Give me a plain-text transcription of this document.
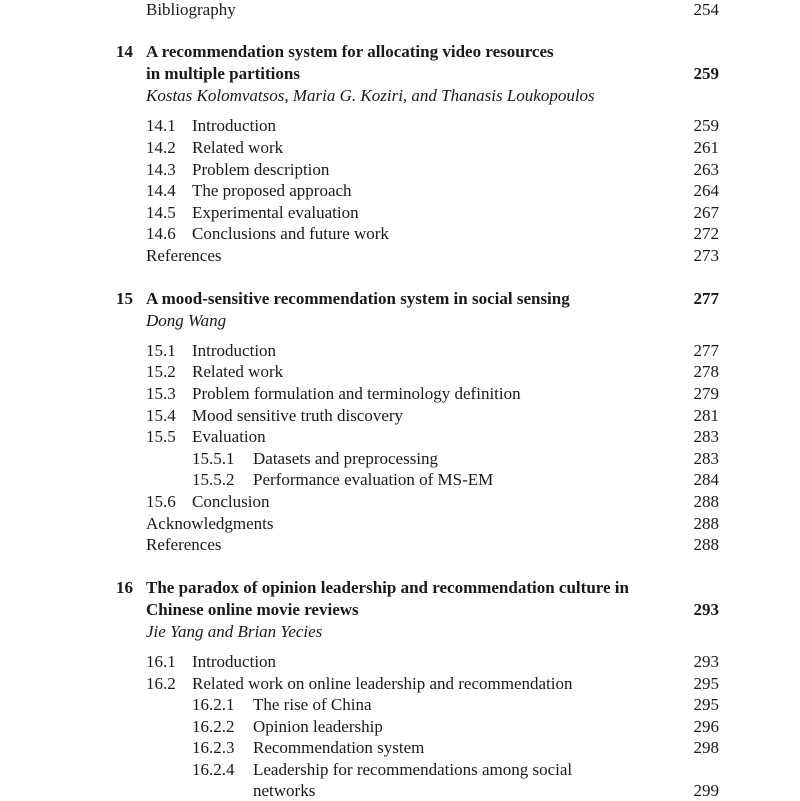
Bibliography	254
14 A recommendation system for allocating video resources
in multiple partitions	259
Kostas Kolomvatsos, Maria G. Koziri, and Thanasis Loukopoulos
14.1 Introduction	259
14.2 Related work	261
14.3 Problem description	263
14.4 The proposed approach	264
14.5 Experimental evaluation	267
14.6 Conclusions and future work	272
References	273
15 A mood-sensitive recommendation system in social sensing	277
Dong Wang
15.1 Introduction	277
15.2 Related work	278
15.3 Problem formulation and terminology definition	279
15.4 Mood sensitive truth discovery	281
15.5 Evaluation	283
15.5.1 Datasets and preprocessing	283
15.5.2 Performance evaluation of MS-EM	284
15.6 Conclusion	288
Acknowledgments	288
References	288
16 The paradox of opinion leadership and recommendation culture in
Chinese online movie reviews	293
Jie Yang and Brian Yecies
16.1 Introduction	293
16.2 Related work on online leadership and recommendation	295
16.2.1 The rise of China	295
16.2.2 Opinion leadership	296
16.2.3 Recommendation system	298
16.2.4 Leadership for recommendations among social
networks	299
